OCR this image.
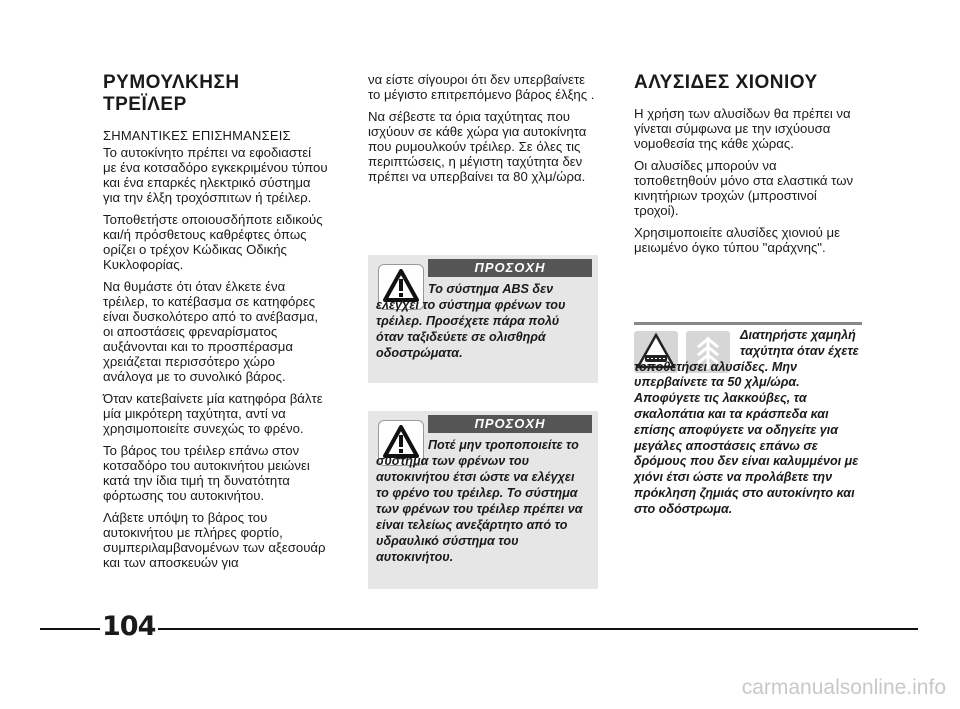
ΡΥΜΟΥΛΚΗΣΗ ΤΡΕΪΛΕΡ
ΣΗΜΑΝΤΙΚΕΣ ΕΠΙΣΗΜΑΝΣΕΙΣ

Το αυτοκίνητο πρέπει να εφοδιαστεί με ένα κοτσαδόρο εγκεκριμένου τύπου και ένα επαρκές ηλεκτρικό σύστημα για την έλξη τροχόσπιτων ή τρέιλερ.

Τοποθετήστε οποιουσδήποτε ειδικούς και/ή πρόσθετους καθρέφτες όπως ορίζει ο τρέχον Κώδικας Οδικής Κυκλοφορίας.

Να θυμάστε ότι όταν έλκετε ένα τρέιλερ, το κατέβασμα σε κατηφόρες είναι δυσκολότερο από το ανέβασμα, οι αποστάσεις φρεναρίσματος αυξάνονται και το προσπέρασμα χρειάζεται περισσότερο χώρο ανάλογα με το συνολικό βάρος.

Όταν κατεβαίνετε μία κατηφόρα βάλτε μία μικρότερη ταχύτητα, αντί να χρησιμοποιείτε συνεχώς το φρένο.

Το βάρος του τρέιλερ επάνω στον κοτσαδόρο του αυτοκινήτου μειώνει κατά την ίδια τιμή τη δυνατότητα φόρτωσης του αυτοκινήτου.

Λάβετε υπόψη το βάρος του αυτοκινήτου με πλήρες φορτίο, συμπεριλαμβανομένων των αξεσουάρ και των αποσκευών για

να είστε σίγουροι ότι δεν υπερβαίνετε το μέγιστο επιτρεπόμενο βάρος έλξης .

Να σέβεστε τα όρια ταχύτητας που ισχύουν σε κάθε χώρα για αυτοκίνητα που ρυμουλκούν τρέιλερ. Σε όλες τις περιπτώσεις, η μέγιστη ταχύτητα δεν πρέπει να υπερβαίνει τα 80 χλμ/ώρα.

ΠΡΟΣΟΧΗ
Το σύστημα ABS δεν ελέγχει το σύστημα φρένων του τρέιλερ. Προσέχετε πάρα πολύ όταν ταξιδεύετε σε ολισθηρά οδοστρώματα.
ΠΡΟΣΟΧΗ
Ποτέ μην τροποποιείτε το σύστημα των φρένων του αυτοκινήτου έτσι ώστε να ελέγχει το φρένο του τρέιλερ. Το σύστημα των φρένων του τρέιλερ πρέπει να είναι τελείως ανεξάρτητο από το υδραυλικό σύστημα του αυτοκινήτου.
ΑΛΥΣΙΔΕΣ ΧΙΟΝΙΟΥ

Η χρήση των αλυσίδων θα πρέπει να γίνεται σύμφωνα με την ισχύουσα νομοθεσία της κάθε χώρας.

Οι αλυσίδες μπορούν να τοποθετηθούν μόνο στα ελαστικά των κινητήριων τροχών (μπροστινοί τροχοί).

Χρησιμοποιείτε αλυσίδες χιονιού με μειωμένο όγκο τύπου "αράχνης".

Διατηρήστε χαμηλή ταχύτητα όταν έχετε
τοποθετήσει αλυσίδες. Μην υπερβαίνετε τα 50 χλμ/ώρα. Αποφύγετε τις λακκούβες, τα σκαλοπάτια και τα κράσπεδα και επίσης αποφύγετε να οδηγείτε για μεγάλες αποστάσεις επάνω σε δρόμους που δεν είναι καλυμμένοι με χιόνι έτσι ώστε να προλάβετε την πρόκληση ζημιάς στο αυτοκίνητο και στο οδόστρωμα.
104
carmanualsonline.info
